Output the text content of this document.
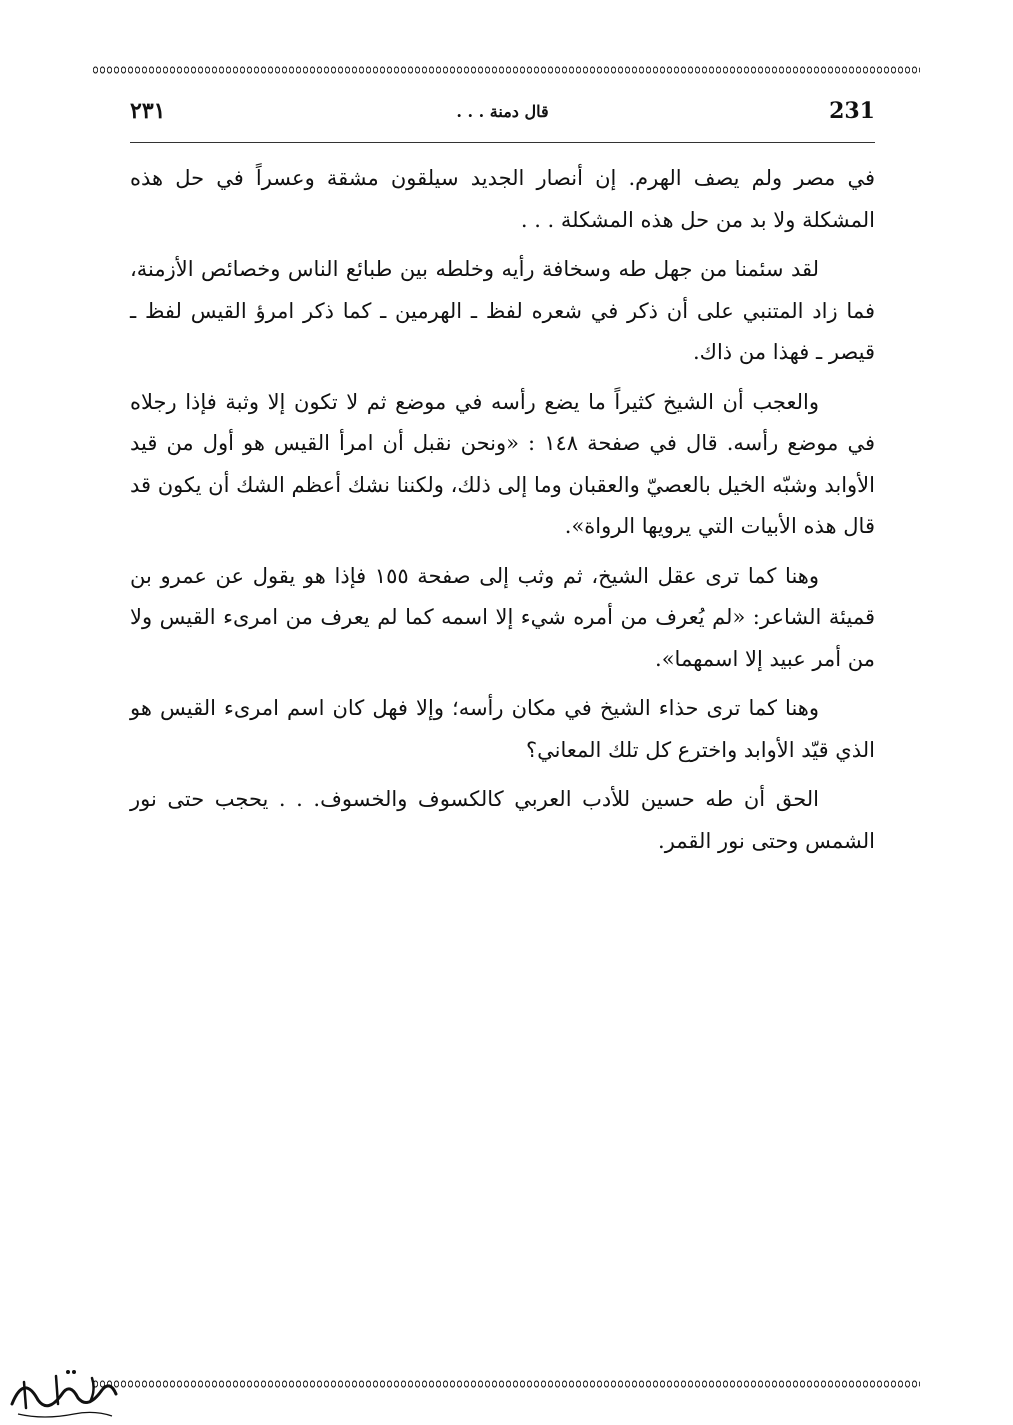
231
قال دمنة . . .
٢٣١

في مصر ولم يصف الهرم. إن أنصار الجديد سيلقون مشقة وعسراً في حل هذه المشكلة ولا بد من حل هذه المشكلة . . .

لقد سئمنا من جهل طه وسخافة رأيه وخلطه بين طبائع الناس وخصائص الأزمنة، فما زاد المتنبي على أن ذكر في شعره لفظ ـ الهرمين ـ كما ذكر امرؤ القيس لفظ ـ قيصر ـ فهذا من ذاك.

والعجب أن الشيخ كثيراً ما يضع رأسه في موضع ثم لا تكون إلا وثبة فإذا رجلاه في موضع رأسه. قال في صفحة ١٤٨ : «ونحن نقبل أن امرأ القيس هو أول من قيد الأوابد وشبّه الخيل بالعصيّ والعقبان وما إلى ذلك، ولكننا نشك أعظم الشك أن يكون قد قال هذه الأبيات التي يرويها الرواة».

وهنا كما ترى عقل الشيخ، ثم وثب إلى صفحة ١٥٥ فإذا هو يقول عن عمرو بن قميئة الشاعر: «لم يُعرف من أمره شيء إلا اسمه كما لم يعرف من امرىء القيس ولا من أمر عبيد إلا اسمهما».

وهنا كما ترى حذاء الشيخ في مكان رأسه؛ وإلا فهل كان اسم امرىء القيس هو الذي قيّد الأوابد واخترع كل تلك المعاني؟

الحق أن طه حسين للأدب العربي كالكسوف والخسوف. . . يحجب حتى نور الشمس وحتى نور القمر.
